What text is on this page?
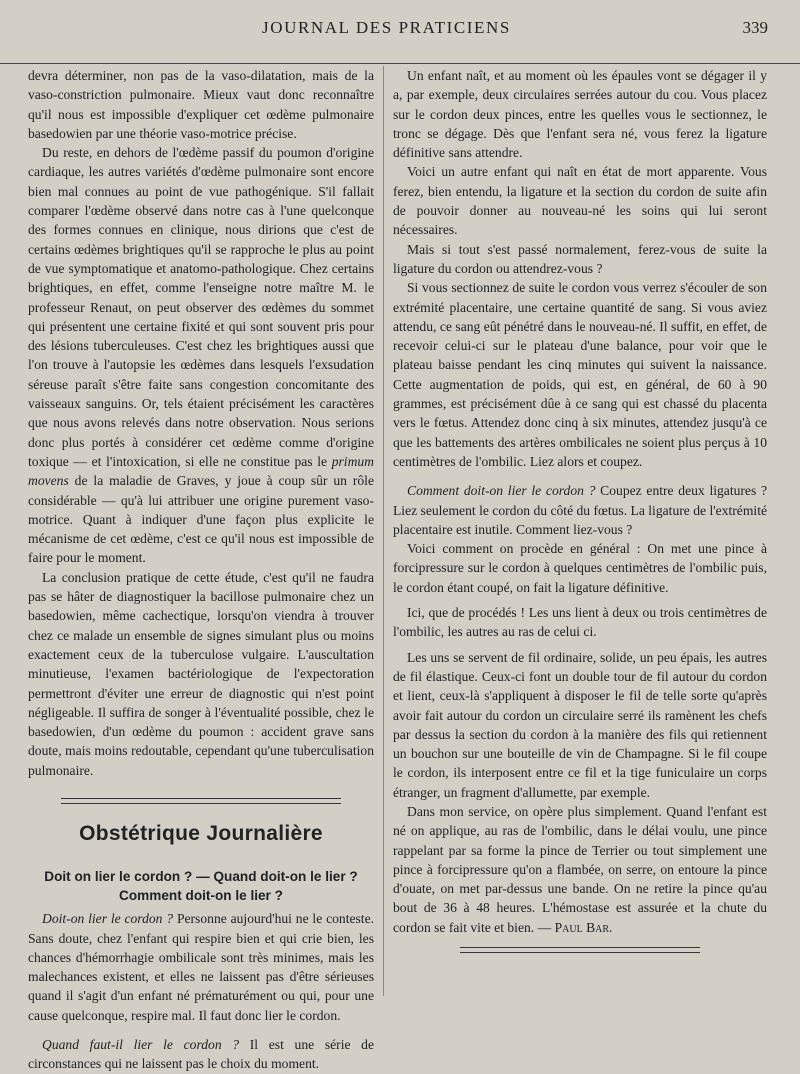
JOURNAL DES PRATICIENS	339

devra déterminer, non pas de la vaso-dilatation, mais de la vaso-constriction pulmonaire. Mieux vaut donc reconnaître qu'il nous est impossible d'expliquer cet œdème pulmonaire basedowien par une théorie vaso-motrice précise.

Du reste, en dehors de l'œdème passif du poumon d'origine cardiaque, les autres variétés d'œdème pulmonaire sont encore bien mal connues au point de vue pathogénique. S'il fallait comparer l'œdème observé dans notre cas à l'une quelconque des formes connues en clinique, nous dirions que c'est de certains œdèmes brightiques qu'il se rapproche le plus au point de vue symptomatique et anatomo-pathologique. Chez certains brightiques, en effet, comme l'enseigne notre maître M. le professeur Renaut, on peut observer des œdèmes du sommet qui présentent une certaine fixité et qui sont souvent pris pour des lésions tuberculeuses. C'est chez les brightiques aussi que l'on trouve à l'autopsie les œdèmes dans lesquels l'exsudation séreuse paraît s'être faite sans congestion concomitante des vaisseaux sanguins. Or, tels étaient précisément les caractères que nous avons relevés dans notre observation. Nous serions donc plus portés à considérer cet œdème comme d'origine toxique — et l'intoxication, si elle ne constitue pas le primum movens de la maladie de Graves, y joue à coup sûr un rôle considérable — qu'à lui attribuer une origine purement vaso-motrice. Quant à indiquer d'une façon plus explicite le mécanisme de cet œdème, c'est ce qu'il nous est impossible de faire pour le moment.

La conclusion pratique de cette étude, c'est qu'il ne faudra pas se hâter de diagnostiquer la bacillose pulmonaire chez un basedowien, même cachectique, lorsqu'on viendra à trouver chez ce malade un ensemble de signes simulant plus ou moins exactement ceux de la tuberculose vulgaire. L'auscultation minutieuse, l'examen bactériologique de l'expectoration permettront d'éviter une erreur de diagnostic qui n'est point négligeable. Il suffira de songer à l'éventualité possible, chez le basedowien, d'un œdème du poumon : accident grave sans doute, mais moins redoutable, cependant qu'une tuberculisation pulmonaire.

Obstétrique Journalière
Doit on lier le cordon ? — Quand doit-on le lier ?
Comment doit-on le lier ?

Doit-on lier le cordon ? Personne aujourd'hui ne le conteste. Sans doute, chez l'enfant qui respire bien et qui crie bien, les chances d'hémorrhagie ombilicale sont très minimes, mais les malechances existent, et elles ne laissent pas d'être sérieuses quand il s'agit d'un enfant né prématurément ou qui, pour une cause quelconque, respire mal. Il faut donc lier le cordon.

Quand faut-il lier le cordon ? Il est une série de circonstances qui ne laissent pas le choix du moment.

Un enfant naît, et au moment où les épaules vont se dégager il y a, par exemple, deux circulaires serrées autour du cou. Vous placez sur le cordon deux pinces, entre les quelles vous le sectionnez, le tronc se dégage. Dès que l'enfant sera né, vous ferez la ligature définitive sans attendre.

Voici un autre enfant qui naît en état de mort apparente. Vous ferez, bien entendu, la ligature et la section du cordon de suite afin de pouvoir donner au nouveau-né les soins qui lui seront nécessaires.

Mais si tout s'est passé normalement, ferez-vous de suite la ligature du cordon ou attendrez-vous ?

Si vous sectionnez de suite le cordon vous verrez s'écouler de son extrémité placentaire, une certaine quantité de sang. Si vous aviez attendu, ce sang eût pénétré dans le nouveau-né. Il suffit, en effet, de recevoir celui-ci sur le plateau d'une balance, pour voir que le plateau baisse pendant les cinq minutes qui suivent la naissance. Cette augmentation de poids, qui est, en général, de 60 à 90 grammes, est précisément dûe à ce sang qui est chassé du placenta vers le fœtus. Attendez donc cinq à six minutes, attendez jusqu'à ce que les battements des artères ombilicales ne soient plus perçus à 10 centimètres de l'ombilic. Liez alors et coupez.

Comment doit-on lier le cordon ? Coupez entre deux ligatures ? Liez seulement le cordon du côté du fœtus. La ligature de l'extrémité placentaire est inutile. Comment liez-vous ?

Voici comment on procède en général : On met une pince à forcipressure sur le cordon à quelques centimètres de l'ombilic puis, le cordon étant coupé, on fait la ligature définitive.

Ici, que de procédés ! Les uns lient à deux ou trois centimètres de l'ombilic, les autres au ras de celui ci.

Les uns se servent de fil ordinaire, solide, un peu épais, les autres de fil élastique. Ceux-ci font un double tour de fil autour du cordon et lient, ceux-là s'appliquent à disposer le fil de telle sorte qu'après avoir fait autour du cordon un circulaire serré ils ramènent les chefs par dessus la section du cordon à la manière des fils qui retiennent un bouchon sur une bouteille de vin de Champagne. Si le fil coupe le cordon, ils interposent entre ce fil et la tige funiculaire un corps étranger, un fragment d'allumette, par exemple.

Dans mon service, on opère plus simplement. Quand l'enfant est né on applique, au ras de l'ombilic, dans le délai voulu, une pince rappelant par sa forme la pince de Terrier ou tout simplement une pince à forcipressure qu'on a flambée, on serre, on entoure la pince d'ouate, on met par-dessus une bande. On ne retire la pince qu'au bout de 36 à 48 heures. L'hémostase est assurée et la chute du cordon se fait vite et bien. — Paul Bar.
